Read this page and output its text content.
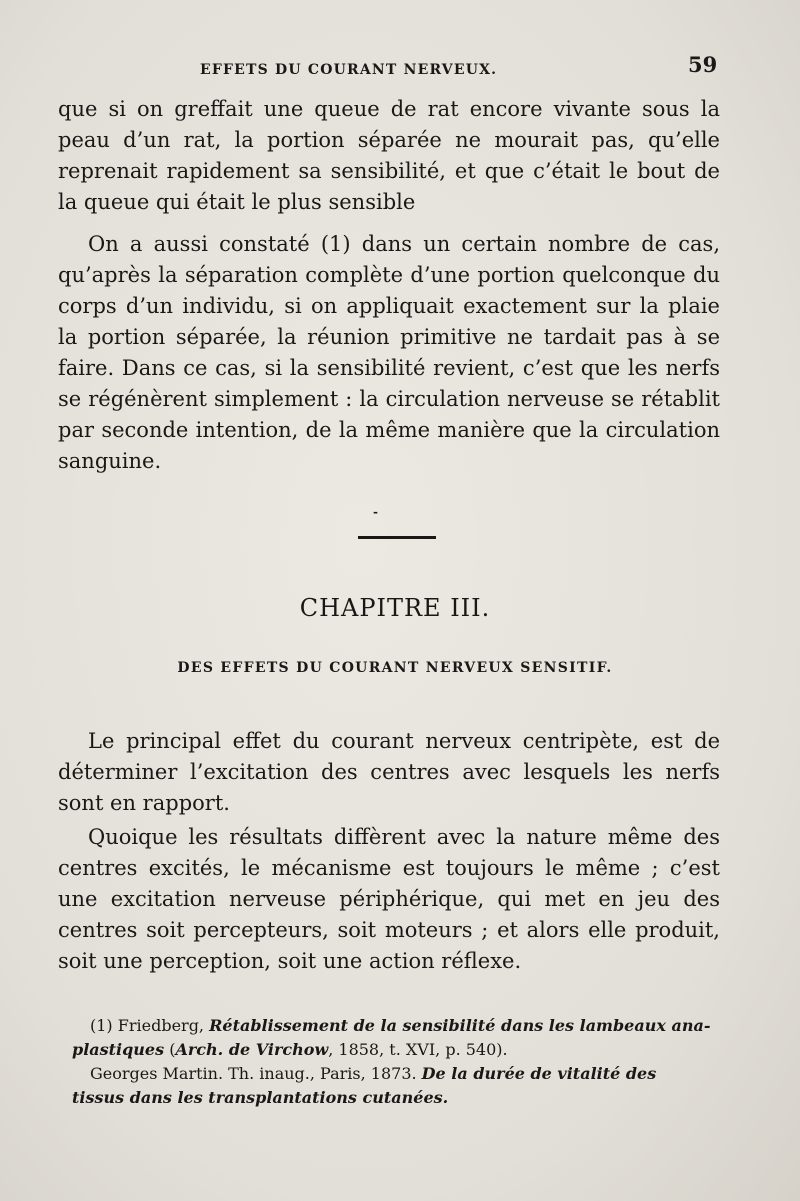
EFFETS DU COURANT NERVEUX.	59
que si on greffait une queue de rat encore vivante sous la peau d’un rat, la portion séparée ne mourait pas, qu’elle reprenait rapidement sa sensibilité, et que c’était le bout de la queue qui était le plus sensible
On a aussi constaté (1) dans un certain nombre de cas, qu’après la séparation complète d’une portion quelconque du corps d’un individu, si on appliquait exactement sur la plaie la portion séparée, la réunion primitive ne tardait pas à se faire. Dans ce cas, si la sensibilité revient, c’est que les nerfs se régénèrent simplement : la circulation nerveuse se rétablit par seconde intention, de la même manière que la circulation sanguine.
-
CHAPITRE III.
DES EFFETS DU COURANT NERVEUX SENSITIF.
Le principal effet du courant nerveux centripète, est de déterminer l’excitation des centres avec lesquels les nerfs sont en rapport.
Quoique les résultats diffèrent avec la nature même des centres excités, le mécanisme est toujours le même ; c’est une excitation nerveuse périphérique, qui met en jeu des centres soit percepteurs, soit moteurs ; et alors elle produit, soit une perception, soit une action réflexe.
(1) Friedberg, Rétablissement de la sensibilité dans les lambeaux ana-
plastiques (Arch. de Virchow, 1858, t. XVI, p. 540).
Georges Martin. Th. inaug., Paris, 1873. De la durée de vitalité des
tissus dans les transplantations cutanées.
